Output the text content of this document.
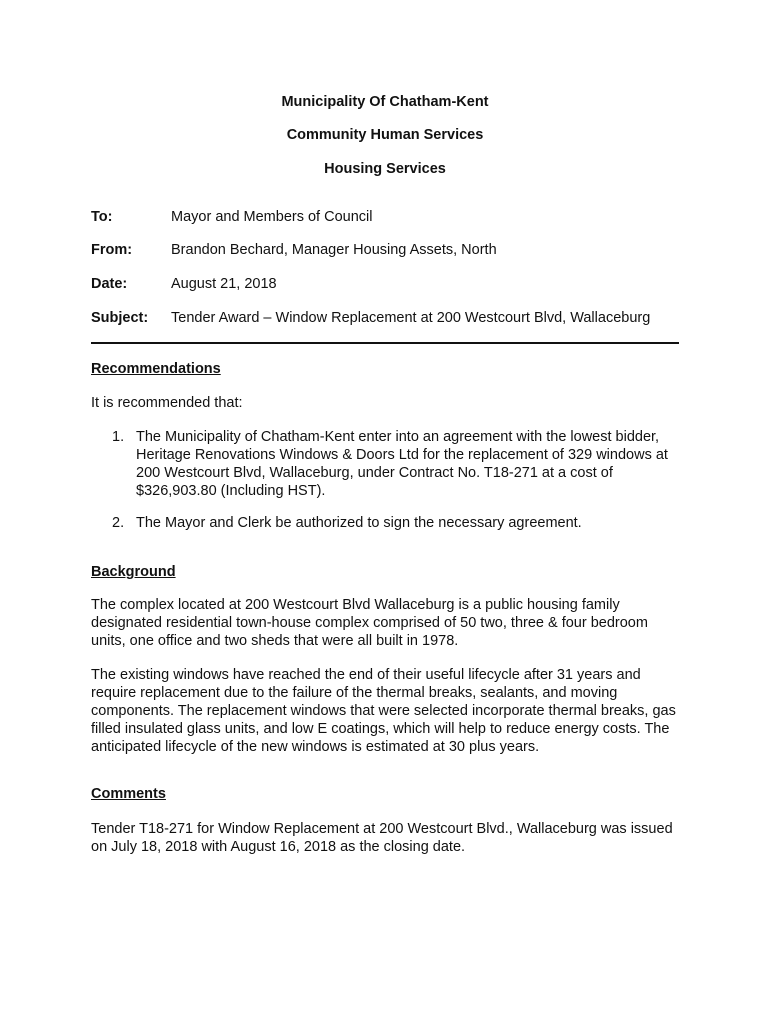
Municipality Of Chatham-Kent
Community Human Services
Housing Services
To:	Mayor and Members of Council
From:	Brandon Bechard, Manager Housing Assets, North
Date:	August 21, 2018
Subject: Tender Award – Window Replacement at 200 Westcourt Blvd, Wallaceburg
Recommendations
It is recommended that:
1. The Municipality of Chatham-Kent enter into an agreement with the lowest bidder, Heritage Renovations Windows & Doors Ltd for the replacement of 329 windows at 200 Westcourt Blvd, Wallaceburg, under Contract No. T18-271 at a cost of $326,903.80 (Including HST).
2. The Mayor and Clerk be authorized to sign the necessary agreement.
Background
The complex located at 200 Westcourt Blvd Wallaceburg is a public housing family designated residential town-house complex comprised of 50 two, three & four bedroom units, one office and two sheds that were all built in 1978.
The existing windows have reached the end of their useful lifecycle after 31 years and require replacement due to the failure of the thermal breaks, sealants, and moving components. The replacement windows that were selected incorporate thermal breaks, gas filled insulated glass units, and low E coatings, which will help to reduce energy costs. The anticipated lifecycle of the new windows is estimated at 30 plus years.
Comments
Tender T18-271 for Window Replacement at 200 Westcourt Blvd., Wallaceburg was issued on July 18, 2018 with August 16, 2018 as the closing date.
